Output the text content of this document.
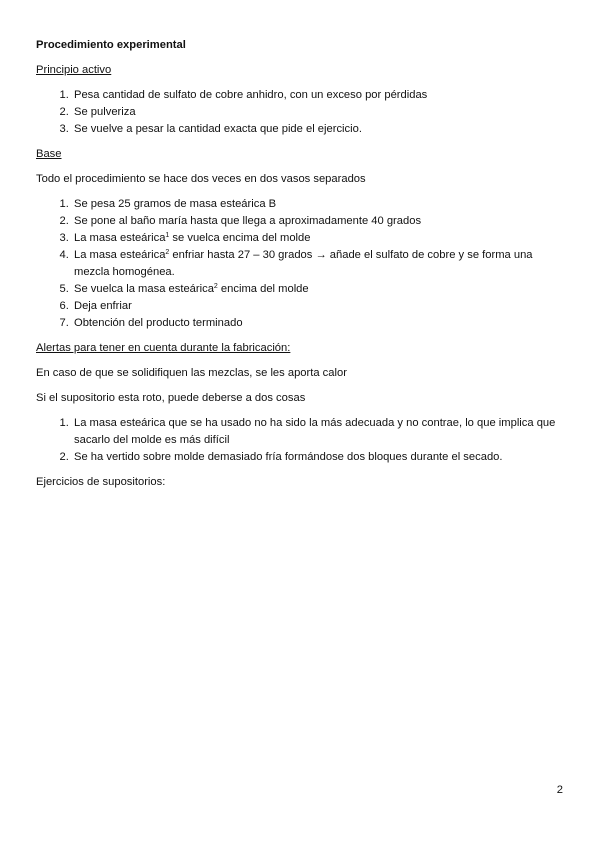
Procedimiento experimental
Principio activo
1. Pesa cantidad de sulfato de cobre anhidro, con un exceso por pérdidas
2. Se pulveriza
3. Se vuelve a pesar la cantidad exacta que pide el ejercicio.
Base
Todo el procedimiento se hace dos veces en dos vasos separados
1. Se pesa 25 gramos de masa esteárica B
2. Se pone al baño maría hasta que llega a aproximadamente 40 grados
3. La masa esteárica$^1$ se vuelca encima del molde
4. La masa esteárica$^2$ enfriar hasta 27 – 30 grados → añade el sulfato de cobre y se forma una mezcla homogénea.
5. Se vuelca la masa esteárica$^2$ encima del molde
6. Deja enfriar
7. Obtención del producto terminado
Alertas para tener en cuenta durante la fabricación:
En caso de que se solidifiquen las mezclas, se les aporta calor
Si el supositorio esta roto, puede deberse a dos cosas
1. La masa esteárica que se ha usado no ha sido la más adecuada y no contrae, lo que implica que sacarlo del molde es más difícil
2. Se ha vertido sobre molde demasiado fría formándose dos bloques durante el secado.
Ejercicios de supositorios:
2
